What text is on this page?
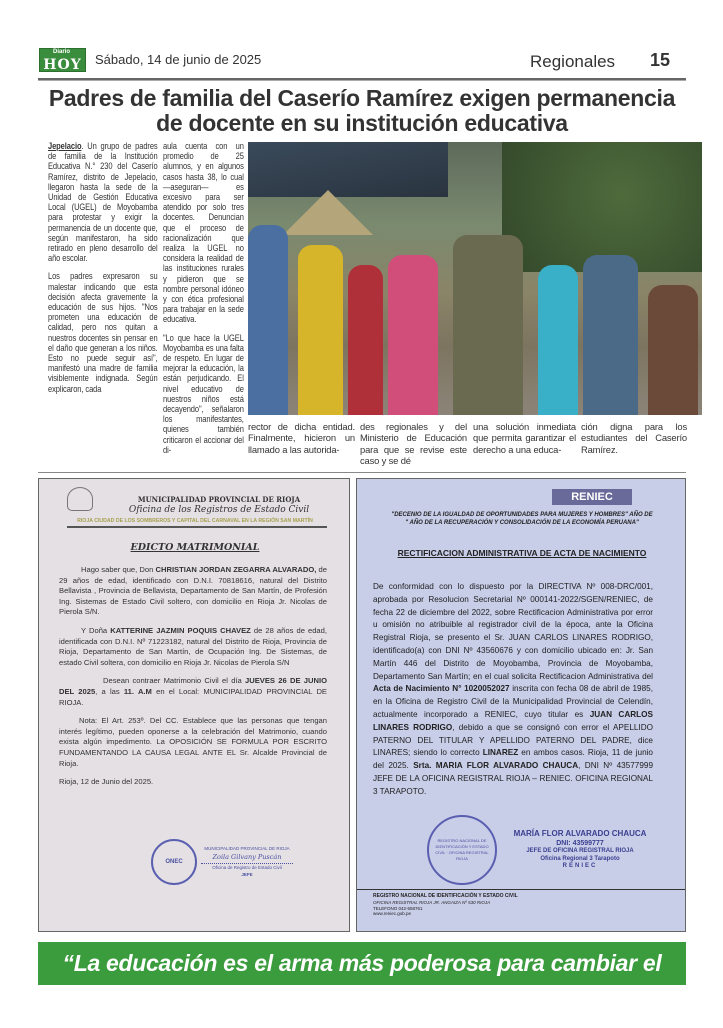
Diario
HOY	Sábado, 14 de junio de 2025	Regionales 15
Padres de familia del Caserío Ramírez exigen permanencia
de docente en su institución educativa

Jepelacio. Un grupo de padres de familia de la Institución Educativa N.° 230 del Caserío Ramírez, distrito de Jepelacio, llegaron hasta la sede de la Unidad de Gestión Educativa Local (UGEL) de Moyobamba para protestar y exigir la permanencia de un docente que, según manifestaron, ha sido retirado en pleno desarrollo del año escolar.

Los padres expresaron su malestar indicando que esta decisión afecta gravemente la educación de sus hijos. "Nos prometen una educación de calidad, pero nos quitan a nuestros docentes sin pensar en el daño que generan a los niños. Esto no puede seguir así", manifestó una madre de familia visiblemente indignada. Según explicaron, cada

aula cuenta con un promedio de 25 alumnos, y en algunos casos hasta 38, lo cual —aseguran— es excesivo para ser atendido por solo tres docentes. Denuncian que el proceso de racionalización que realiza la UGEL no considera la realidad de las instituciones rurales y pidieron que se nombre personal idóneo y con ética profesional para trabajar en la sede educativa.

"Lo que hace la UGEL Moyobamba es una falta de respeto. En lugar de mejorar la educación, la están perjudicando. El nivel educativo de nuestros niños está decayendo", señalaron los manifestantes, quienes también criticaron el accionar del di-

rector de dicha entidad. Finalmente, hicieron un llamado a las autorida-
des regionales y del Ministerio de Educación para que se revise este caso y se dé
una solución inmediata que permita garantizar el derecho a una educa-
ción digna para los estudiantes del Caserío Ramírez.
MUNICIPALIDAD PROVINCIAL DE RIOJA
Oficina de los Registros de Estado Civil
RIOJA CIUDAD DE LOS SOMBREROS Y CAPITAL DEL CARNAVAL EN LA REGIÓN SAN MARTÍN
EDICTO MATRIMONIAL
Hago saber que, Don CHRISTIAN JORDAN ZEGARRA ALVARADO, de 29 años de edad, identificado con D.N.I. 70818616, natural del Distrito Bellavista , Provincia de Bellavista, Departamento de San Martín, de Profesión Ing. Sistemas de Estado Civil soltero, con domicilio en Rioja Jr. Nicolas de Pierola S/N.
Y Doña KATTERINE JAZMIN POQUIS CHAVEZ de 28 años de edad, identificada con D.N.I. Nº 71223182, natural del Distrito de Rioja, Provincia de Rioja, Departamento de San Martín, de Ocupación Ing. De Sistemas, de estado Civil soltera, con domicilio en Rioja Jr. Nicolas de Pierola S/N
Desean contraer Matrimonio Civil el día JUEVES 26 DE JUNIO DEL 2025, a las 11. A.M en el Local: MUNICIPALIDAD PROVINCIAL DE RIOJA.
Nota: El Art. 253º. Del CC. Establece que las personas que tengan interés legítimo, pueden oponerse a la celebración del Matrimonio, cuando exista algún impedimento. La OPOSICIÓN SE FORMULA POR ESCRITO FUNDAMENTANDO LA CAUSA LEGAL ANTE EL Sr. Alcalde Provincial de Rioja.
Rioja, 12 de Junio del 2025.
ONEC
MUNICIPALIDAD PROVINCIAL DE RIOJA
Zoila Gilvany Puscán
Oficina de Registro de Estado Civil
JEFE
RENIEC
"DECENIO DE LA IGUALDAD DE OPORTUNIDADES PARA MUJERES Y HOMBRES" AÑO DE
" AÑO DE LA RECUPERACIÓN Y CONSOLIDACIÓN DE LA ECONOMÍA PERUANA"
RECTIFICACION ADMINISTRATIVA DE ACTA DE NACIMIENTO
De conformidad con lo dispuesto por la DIRECTIVA Nº 008-DRC/001, aprobada por Resolucion Secretarial Nº 000141-2022/SGEN/RENIEC, de fecha 22 de diciembre del 2022, sobre Rectificacion Administrativa por error u omisión no atribuible al registrador civil de la época, ante la Oficina Registral Rioja, se presento el Sr. JUAN CARLOS LINARES RODRIGO, identificado(a) con DNI Nº 43560676 y con domicilio ubicado en: Jr. San Martín 446 del Distrito de Moyobamba, Provincia de Moyobamba, Departamento San Martín; en el cual solicita Rectificacion Administrativa del Acta de Nacimiento N° 1020052027 inscrita con fecha 08 de abril de 1985, en la Oficina de Registro Civil de la Municipalidad Provincial de Celendín, actualmente incorporado a RENIEC, cuyo titular es JUAN CARLOS LINARES RODRIGO, debido a que se consignó con error el APELLIDO PATERNO DEL TITULAR Y APELLIDO PATERNO DEL PADRE, dice LINARES; siendo lo correcto LINAREZ en ambos casos. Rioja, 11 de junio del 2025. Srta. MARIA FLOR ALVARADO CHAUCA, DNI Nº 43577999 JEFE DE LA OFICINA REGISTRAL RIOJA – RENIEC. OFICINA REGIONAL 3 TARAPOTO.
REGISTRO NACIONAL DE IDENTIFICACIÓN Y ESTADO CIVIL · OFICINA REGISTRAL RIOJA
MARÍA FLOR ALVARADO CHAUCA
DNI: 43599777
JEFE DE OFICINA REGISTRAL RIOJA
Oficina Regional 3 Tarapoto
RENIEC
REGISTRO NACIONAL DE IDENTIFICACIÓN Y ESTADO CIVIL
OFICINA REGISTRAL RIOJA JR. ANGAIZA Nº 530 RIOJA
TELEFONO 042-558761
www.reniec.gob.pe
“La educación es el arma más poderosa para cambiar el mundo”
